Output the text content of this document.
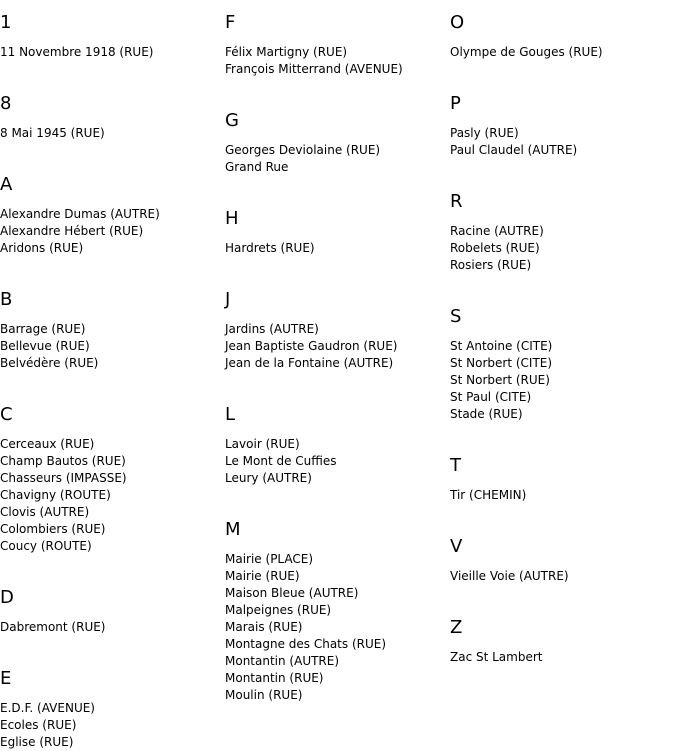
1
11 Novembre 1918 (RUE)
8
8 Mai 1945 (RUE)
A
Alexandre Dumas (AUTRE)
Alexandre Hébert (RUE)
Aridons (RUE)
B
Barrage (RUE)
Bellevue (RUE)
Belvédère (RUE)
C
Cerceaux (RUE)
Champ Bautos (RUE)
Chasseurs (IMPASSE)
Chavigny (ROUTE)
Clovis (AUTRE)
Colombiers (RUE)
Coucy (ROUTE)
D
Dabremont (RUE)
E
E.D.F. (AVENUE)
Ecoles (RUE)
Eglise (RUE)
F
Félix Martigny (RUE)
François Mitterrand (AVENUE)
G
Georges Deviolaine (RUE)
Grand Rue
H
Hardrets (RUE)
J
Jardins (AUTRE)
Jean Baptiste Gaudron (RUE)
Jean de la Fontaine (AUTRE)
L
Lavoir (RUE)
Le Mont de Cuffies
Leury (AUTRE)
M
Mairie (PLACE)
Mairie (RUE)
Maison Bleue (AUTRE)
Malpeignes (RUE)
Marais (RUE)
Montagne des Chats (RUE)
Montantin (AUTRE)
Montantin (RUE)
Moulin (RUE)
O
Olympe de Gouges (RUE)
P
Pasly (RUE)
Paul Claudel (AUTRE)
R
Racine (AUTRE)
Robelets (RUE)
Rosiers (RUE)
S
St Antoine (CITE)
St Norbert (CITE)
St Norbert (RUE)
St Paul (CITE)
Stade (RUE)
T
Tir (CHEMIN)
V
Vieille Voie (AUTRE)
Z
Zac St Lambert
